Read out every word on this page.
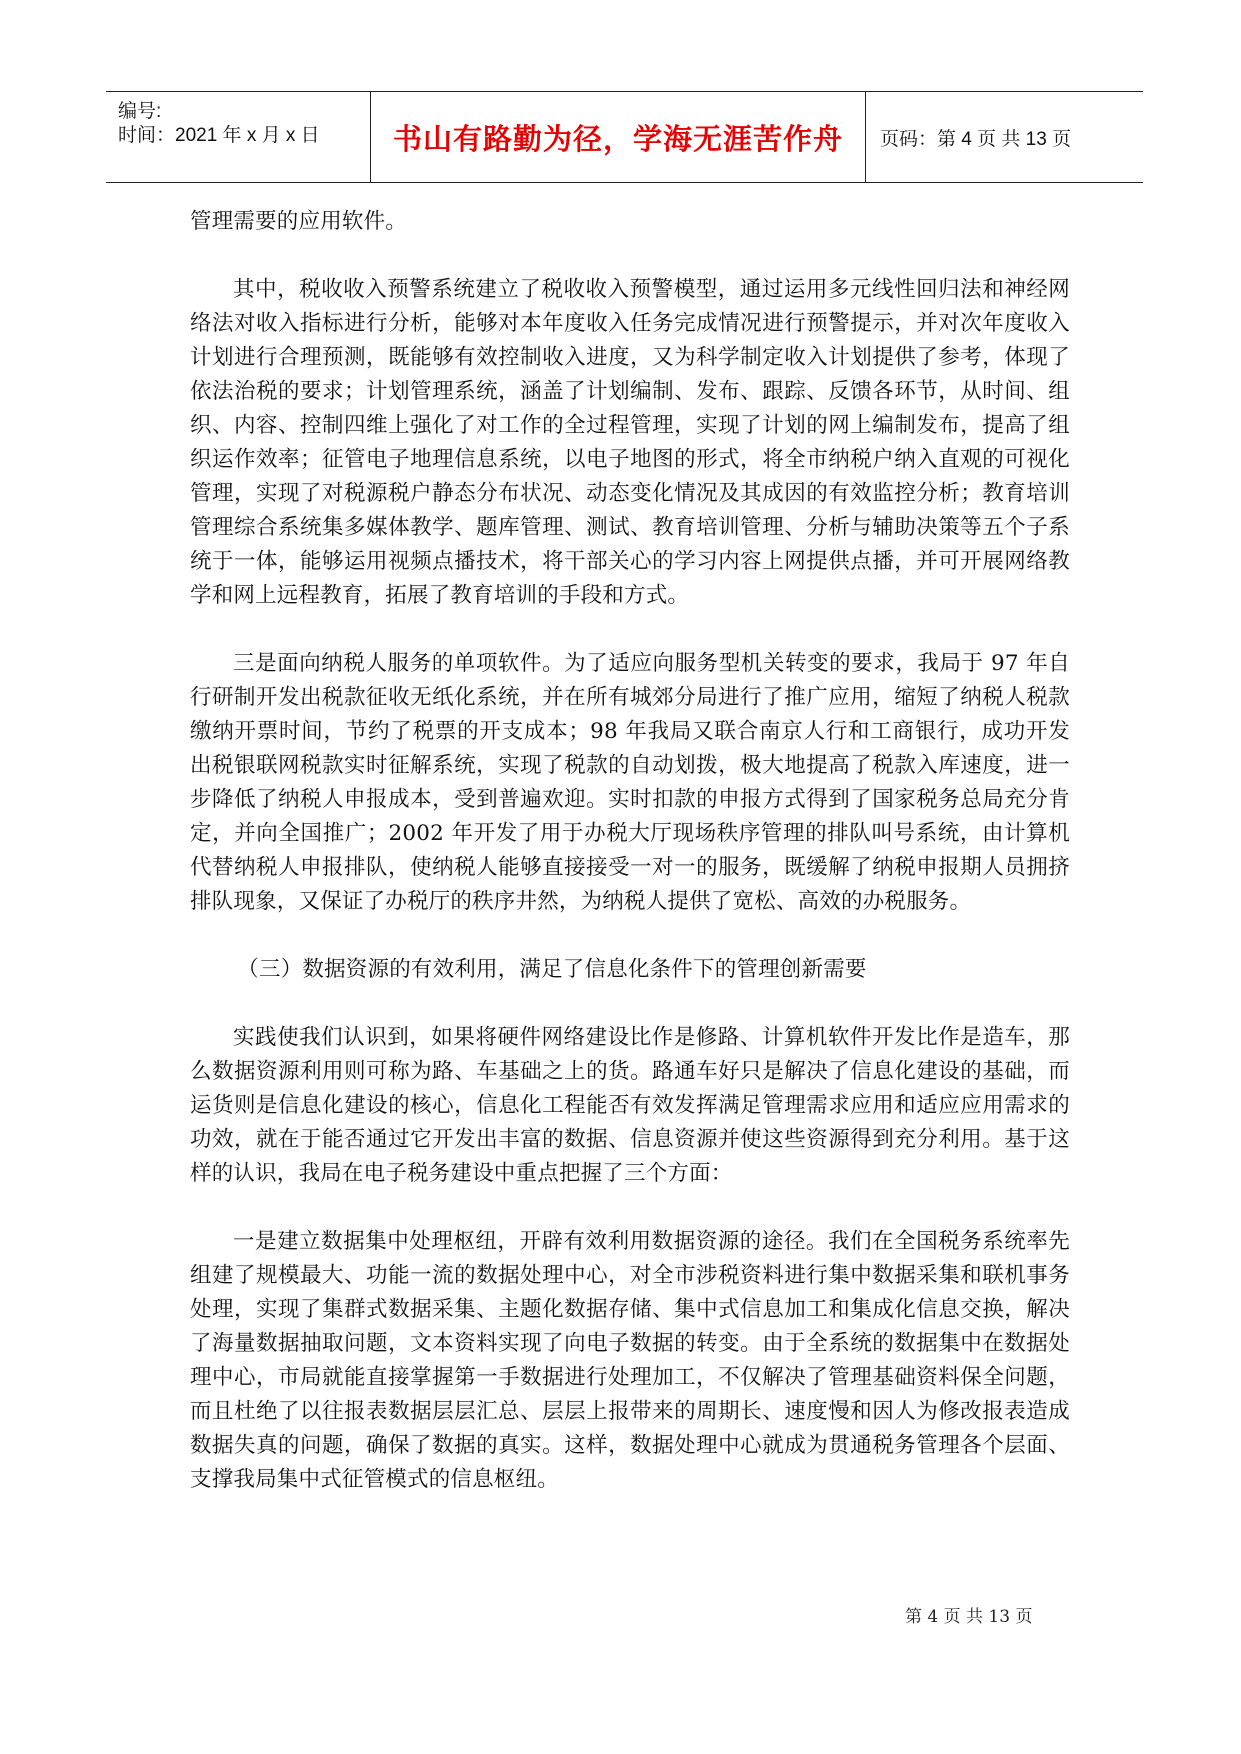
编号:
时间：2021 年 x 月 x 日	书山有路勤为径，学海无涯苦作舟 页码：第 4 页 共 13 页

管理需要的应用软件。

其中，税收收入预警系统建立了税收收入预警模型，通过运用多元线性回归法和神经网络法对收入指标进行分析，能够对本年度收入任务完成情况进行预警提示，并对次年度收入计划进行合理预测，既能够有效控制收入进度，又为科学制定收入计划提供了参考，体现了依法治税的要求；计划管理系统，涵盖了计划编制、发布、跟踪、反馈各环节，从时间、组织、内容、控制四维上强化了对工作的全过程管理，实现了计划的网上编制发布，提高了组织运作效率；征管电子地理信息系统，以电子地图的形式，将全市纳税户纳入直观的可视化管理，实现了对税源税户静态分布状况、动态变化情况及其成因的有效监控分析；教育培训管理综合系统集多媒体教学、题库管理、测试、教育培训管理、分析与辅助决策等五个子系统于一体，能够运用视频点播技术，将干部关心的学习内容上网提供点播，并可开展网络教学和网上远程教育，拓展了教育培训的手段和方式。

三是面向纳税人服务的单项软件。为了适应向服务型机关转变的要求，我局于 97 年自行研制开发出税款征收无纸化系统，并在所有城郊分局进行了推广应用，缩短了纳税人税款缴纳开票时间，节约了税票的开支成本；98 年我局又联合南京人行和工商银行，成功开发出税银联网税款实时征解系统，实现了税款的自动划拨，极大地提高了税款入库速度，进一步降低了纳税人申报成本，受到普遍欢迎。实时扣款的申报方式得到了国家税务总局充分肯定，并向全国推广；2002 年开发了用于办税大厅现场秩序管理的排队叫号系统，由计算机代替纳税人申报排队，使纳税人能够直接接受一对一的服务，既缓解了纳税申报期人员拥挤排队现象，又保证了办税厅的秩序井然，为纳税人提供了宽松、高效的办税服务。

（三）数据资源的有效利用，满足了信息化条件下的管理创新需要

实践使我们认识到，如果将硬件网络建设比作是修路、计算机软件开发比作是造车，那么数据资源利用则可称为路、车基础之上的货。路通车好只是解决了信息化建设的基础，而运货则是信息化建设的核心，信息化工程能否有效发挥满足管理需求应用和适应应用需求的功效，就在于能否通过它开发出丰富的数据、信息资源并使这些资源得到充分利用。基于这样的认识，我局在电子税务建设中重点把握了三个方面：

一是建立数据集中处理枢纽，开辟有效利用数据资源的途径。我们在全国税务系统率先组建了规模最大、功能一流的数据处理中心，对全市涉税资料进行集中数据采集和联机事务处理，实现了集群式数据采集、主题化数据存储、集中式信息加工和集成化信息交换，解决了海量数据抽取问题，文本资料实现了向电子数据的转变。由于全系统的数据集中在数据处理中心，市局就能直接掌握第一手数据进行处理加工，不仅解决了管理基础资料保全问题，而且杜绝了以往报表数据层层汇总、层层上报带来的周期长、速度慢和因人为修改报表造成数据失真的问题，确保了数据的真实。这样，数据处理中心就成为贯通税务管理各个层面、支撑我局集中式征管模式的信息枢纽。

第 4 页 共 13 页
